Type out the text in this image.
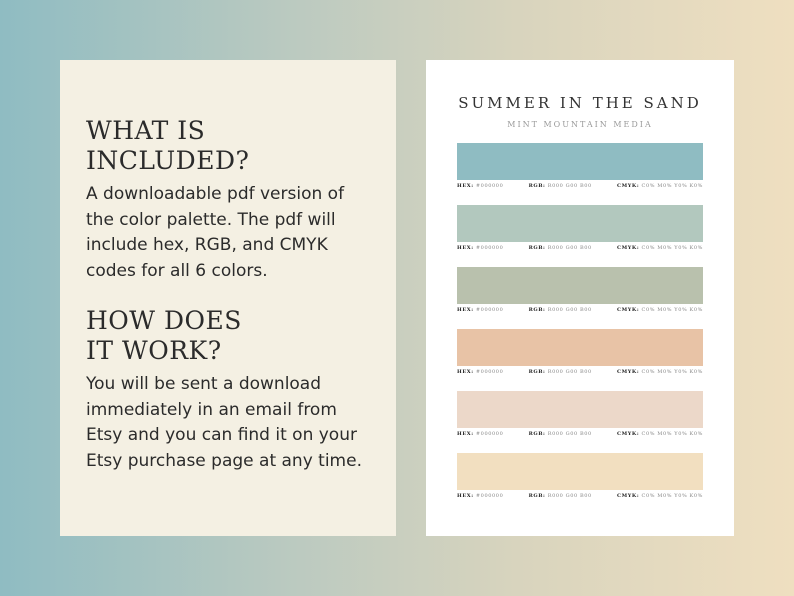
WHAT IS
INCLUDED?

A downloadable pdf version of the color palette. The pdf will include hex, RGB, and CMYK codes for all 6 colors.

HOW DOES
IT WORK?

You will be sent a download immediately in an email from Etsy and you can find it on your Etsy purchase page at any time.

SUMMER IN THE SAND
MINT MOUNTAIN MEDIA
HEX: #000000	RGB: R000 G00 B00	CMYK: C0% M0% Y0% K0%
HEX: #000000	RGB: R000 G00 B00	CMYK: C0% M0% Y0% K0%
HEX: #000000	RGB: R000 G00 B00	CMYK: C0% M0% Y0% K0%
HEX: #000000	RGB: R000 G00 B00	CMYK: C0% M0% Y0% K0%
HEX: #000000	RGB: R000 G00 B00	CMYK: C0% M0% Y0% K0%
HEX: #000000	RGB: R000 G00 B00	CMYK: C0% M0% Y0% K0%
